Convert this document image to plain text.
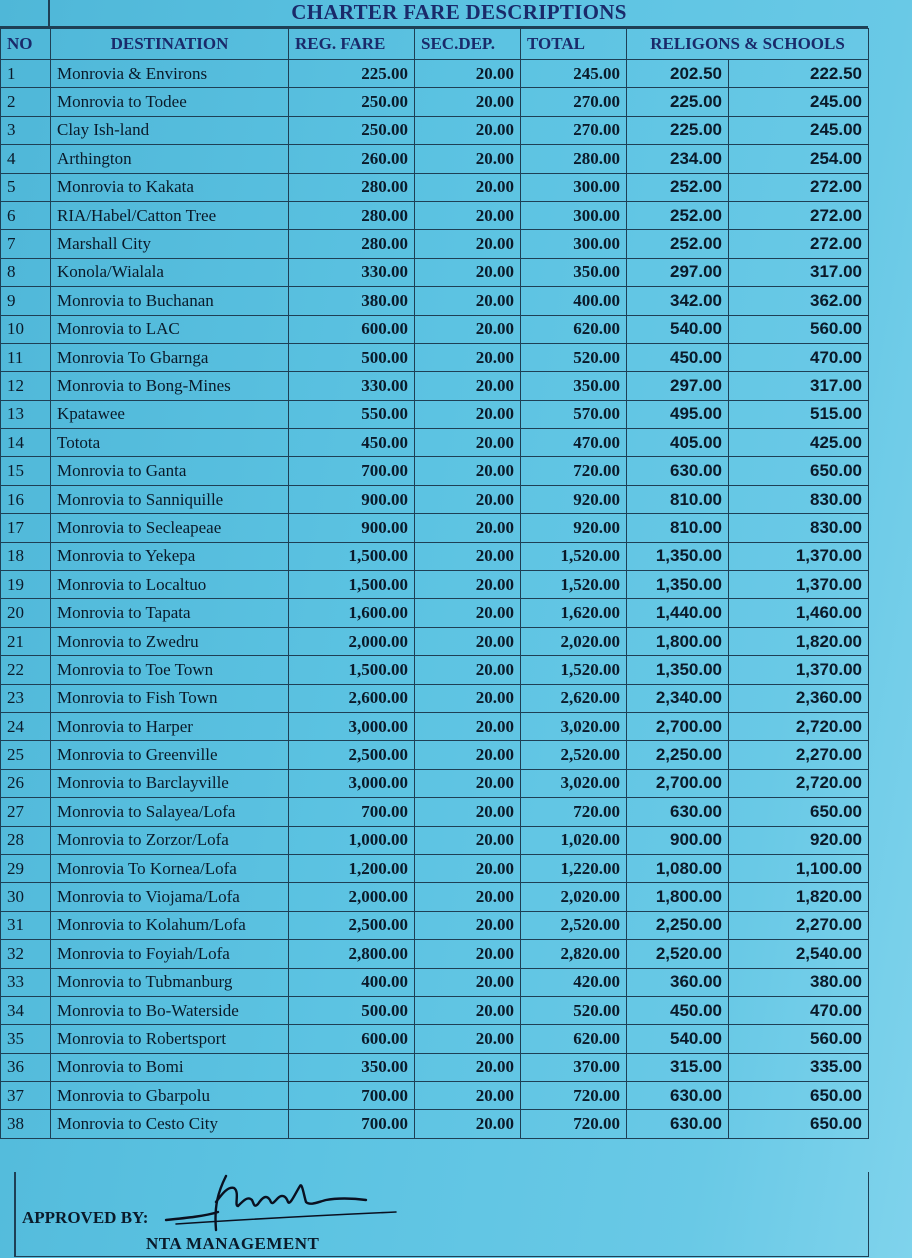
CHARTER FARE DESCRIPTIONS
NO	DESTINATION	REG. FARE	SEC.DEP.	TOTAL	RELIGONS & SCHOOLS	
1	Monrovia & Environs	225.00	20.00	245.00	202.50	222.50
2	Monrovia to Todee	250.00	20.00	270.00	225.00	245.00
3	Clay Ish-land	250.00	20.00	270.00	225.00	245.00
4	Arthington	260.00	20.00	280.00	234.00	254.00
5	Monrovia to Kakata	280.00	20.00	300.00	252.00	272.00
6	RIA/Habel/Catton Tree	280.00	20.00	300.00	252.00	272.00
7	Marshall City	280.00	20.00	300.00	252.00	272.00
8	Konola/Wialala	330.00	20.00	350.00	297.00	317.00
9	Monrovia to Buchanan	380.00	20.00	400.00	342.00	362.00
10	Monrovia to LAC	600.00	20.00	620.00	540.00	560.00
11	Monrovia To Gbarnga	500.00	20.00	520.00	450.00	470.00
12	Monrovia to Bong-Mines	330.00	20.00	350.00	297.00	317.00
13	Kpatawee	550.00	20.00	570.00	495.00	515.00
14	Totota	450.00	20.00	470.00	405.00	425.00
15	Monrovia to Ganta	700.00	20.00	720.00	630.00	650.00
16	Monrovia to Sanniquille	900.00	20.00	920.00	810.00	830.00
17	Monrovia to Secleapeae	900.00	20.00	920.00	810.00	830.00
18	Monrovia to Yekepa	1,500.00	20.00	1,520.00	1,350.00	1,370.00
19	Monrovia to Localtuo	1,500.00	20.00	1,520.00	1,350.00	1,370.00
20	Monrovia to Tapata	1,600.00	20.00	1,620.00	1,440.00	1,460.00
21	Monrovia to Zwedru	2,000.00	20.00	2,020.00	1,800.00	1,820.00
22	Monrovia to Toe Town	1,500.00	20.00	1,520.00	1,350.00	1,370.00
23	Monrovia to Fish Town	2,600.00	20.00	2,620.00	2,340.00	2,360.00
24	Monrovia to Harper	3,000.00	20.00	3,020.00	2,700.00	2,720.00
25	Monrovia to Greenville	2,500.00	20.00	2,520.00	2,250.00	2,270.00
26	Monrovia to Barclayville	3,000.00	20.00	3,020.00	2,700.00	2,720.00
27	Monrovia to Salayea/Lofa	700.00	20.00	720.00	630.00	650.00
28	Monrovia to Zorzor/Lofa	1,000.00	20.00	1,020.00	900.00	920.00
29	Monrovia To Kornea/Lofa	1,200.00	20.00	1,220.00	1,080.00	1,100.00
30	Monrovia to Viojama/Lofa	2,000.00	20.00	2,020.00	1,800.00	1,820.00
31	Monrovia to Kolahum/Lofa	2,500.00	20.00	2,520.00	2,250.00	2,270.00
32	Monrovia to Foyiah/Lofa	2,800.00	20.00	2,820.00	2,520.00	2,540.00
33	Monrovia to Tubmanburg	400.00	20.00	420.00	360.00	380.00
34	Monrovia to Bo-Waterside	500.00	20.00	520.00	450.00	470.00
35	Monrovia to Robertsport	600.00	20.00	620.00	540.00	560.00
36	Monrovia to Bomi	350.00	20.00	370.00	315.00	335.00
37	Monrovia to Gbarpolu	700.00	20.00	720.00	630.00	650.00
38	Monrovia to Cesto City	700.00	20.00	720.00	630.00	650.00
APPROVED BY:
NTA MANAGEMENT
